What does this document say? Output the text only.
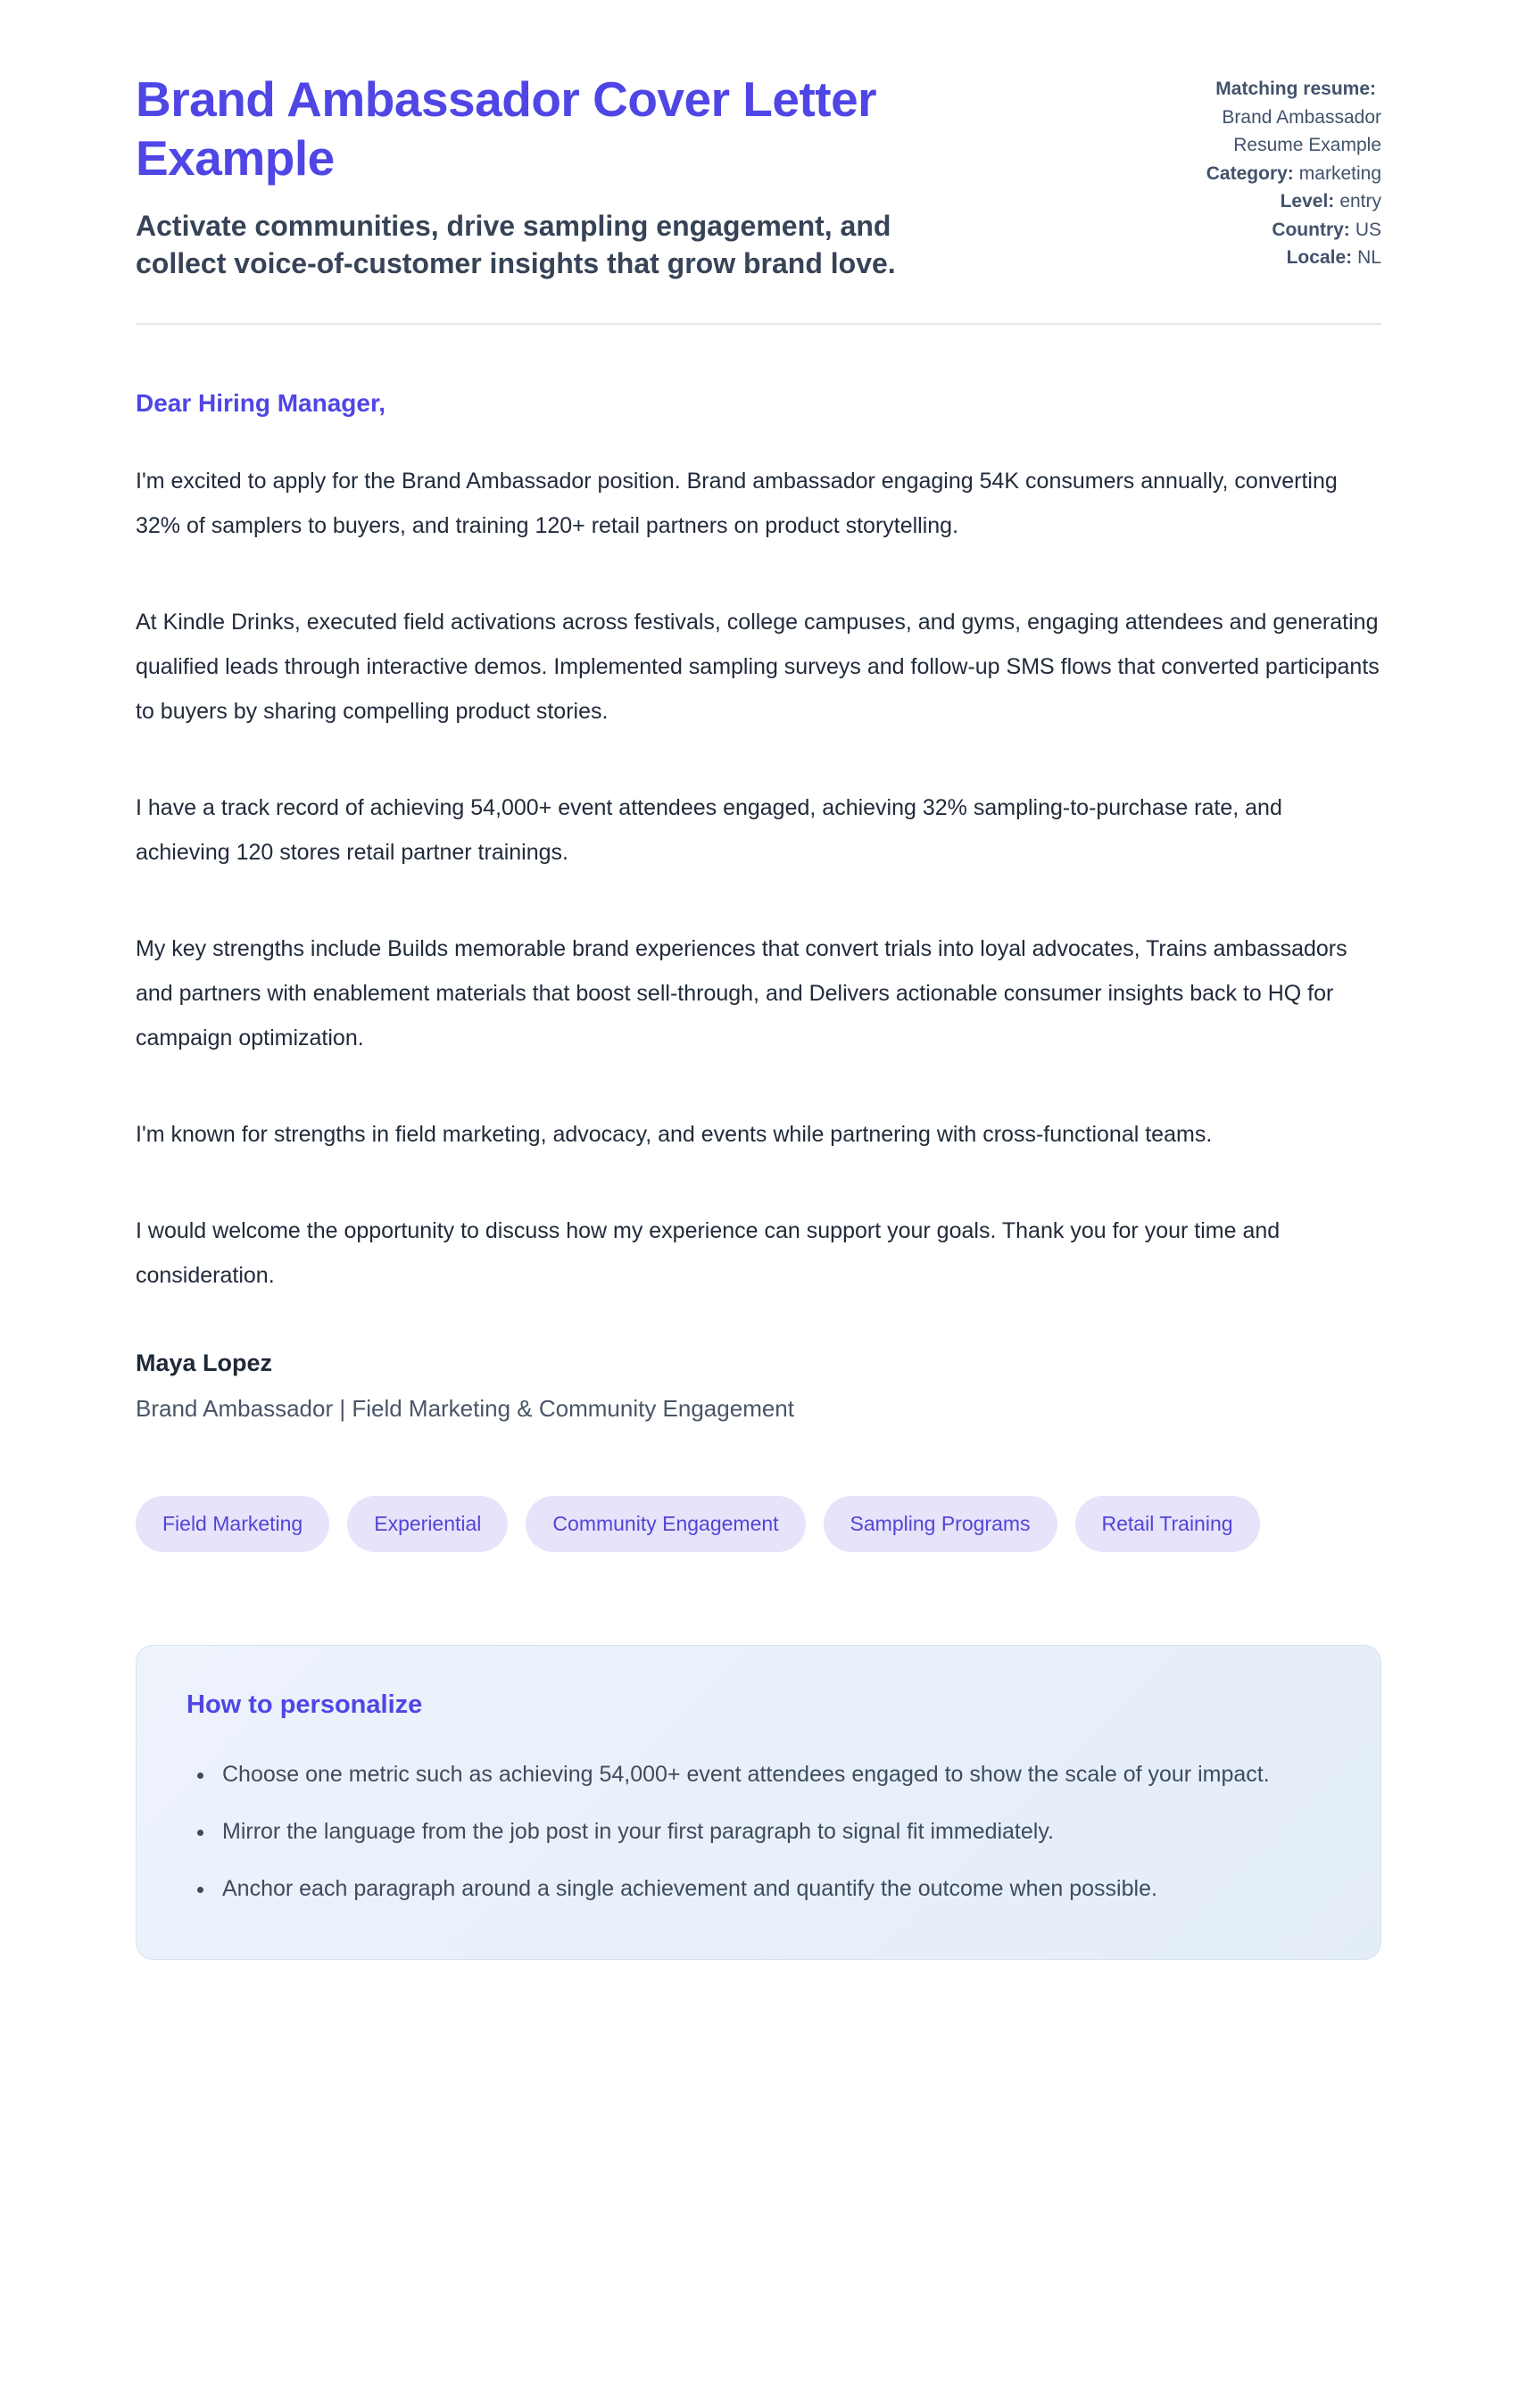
Brand Ambassador Cover Letter Example

Activate communities, drive sampling engagement, and collect voice-of-customer insights that grow brand love.

Matching resume:
Brand Ambassador Resume Example
Category: marketing
Level: entry
Country: US
Locale: NL

Dear Hiring Manager,

I'm excited to apply for the Brand Ambassador position. Brand ambassador engaging 54K consumers annually, converting 32% of samplers to buyers, and training 120+ retail partners on product storytelling.

At Kindle Drinks, executed field activations across festivals, college campuses, and gyms, engaging attendees and generating qualified leads through interactive demos. Implemented sampling surveys and follow-up SMS flows that converted participants to buyers by sharing compelling product stories.

I have a track record of achieving 54,000+ event attendees engaged, achieving 32% sampling-to-purchase rate, and achieving 120 stores retail partner trainings.

My key strengths include Builds memorable brand experiences that convert trials into loyal advocates, Trains ambassadors and partners with enablement materials that boost sell-through, and Delivers actionable consumer insights back to HQ for campaign optimization.

I'm known for strengths in field marketing, advocacy, and events while partnering with cross-functional teams.

I would welcome the opportunity to discuss how my experience can support your goals. Thank you for your time and consideration.

Maya Lopez

Brand Ambassador | Field Marketing & Community Engagement

Field Marketing	Experiential	Community Engagement	Sampling Programs	Retail Training
How to personalize
• Choose one metric such as achieving 54,000+ event attendees engaged to show the scale of your impact.
• Mirror the language from the job post in your first paragraph to signal fit immediately.
• Anchor each paragraph around a single achievement and quantify the outcome when possible.
